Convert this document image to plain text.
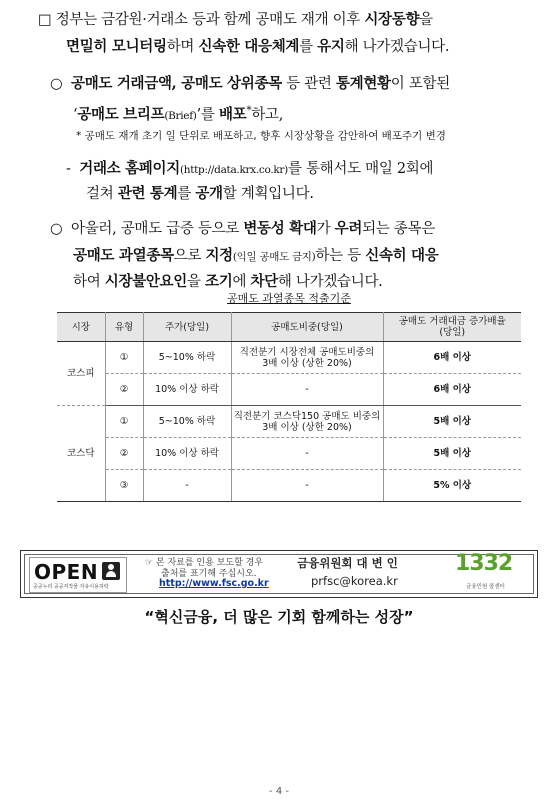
□ 정부는 금감원·거래소 등과 함께 공매도 재개 이후 시장동향을
면밀히 모니터링하며 신속한 대응체계를 유지해 나가겠습니다.
○ 공매도 거래금액, 공매도 상위종목 등 관련 통계현황이 포함된
‘공매도 브리프(Brief)’를 배포*하고,
* 공매도 재개 초기 일 단위로 배포하고, 향후 시장상황을 감안하여 배포주기 변경
- 거래소 홈페이지(http://data.krx.co.kr)를 통해서도 매일 2회에
걸쳐 관련 통계를 공개할 계획입니다.
○ 아울러, 공매도 급증 등으로 변동성 확대가 우려되는 종목은
공매도 과열종목으로 지정(익일 공매도 금지)하는 등 신속히 대응
하여 시장불안요인을 조기에 차단해 나가겠습니다.
공매도 과열종목 적출기준
시장	유형	주가(당일)	공매도비중(당일)	공매도 거래대금 증가배율
(당일)
코스피	①	5~10% 하락	직전분기 시장전체 공매도비중의
3배 이상 (상한 20%)	6배 이상
	②	10% 이상 하락	-	6배 이상
코스닥	①	5~10% 하락	직전분기 코스닥150 공매도 비중의
3배 이상 (상한 20%)	5배 이상
	②	10% 이상 하락	-	5배 이상
	③	-	-	5% 이상
OPEN
공공누리 공공저작물 자유이용허락
☞ 본 자료를 인용 보도할 경우
출처를 표기해 주십시오.
http://www.fsc.go.kr
금융위원회 대 변 인
prfsc@korea.kr
1332
금융민원 콜센터
“혁신금융, 더 많은 기회 함께하는 성장”
- 4 -
